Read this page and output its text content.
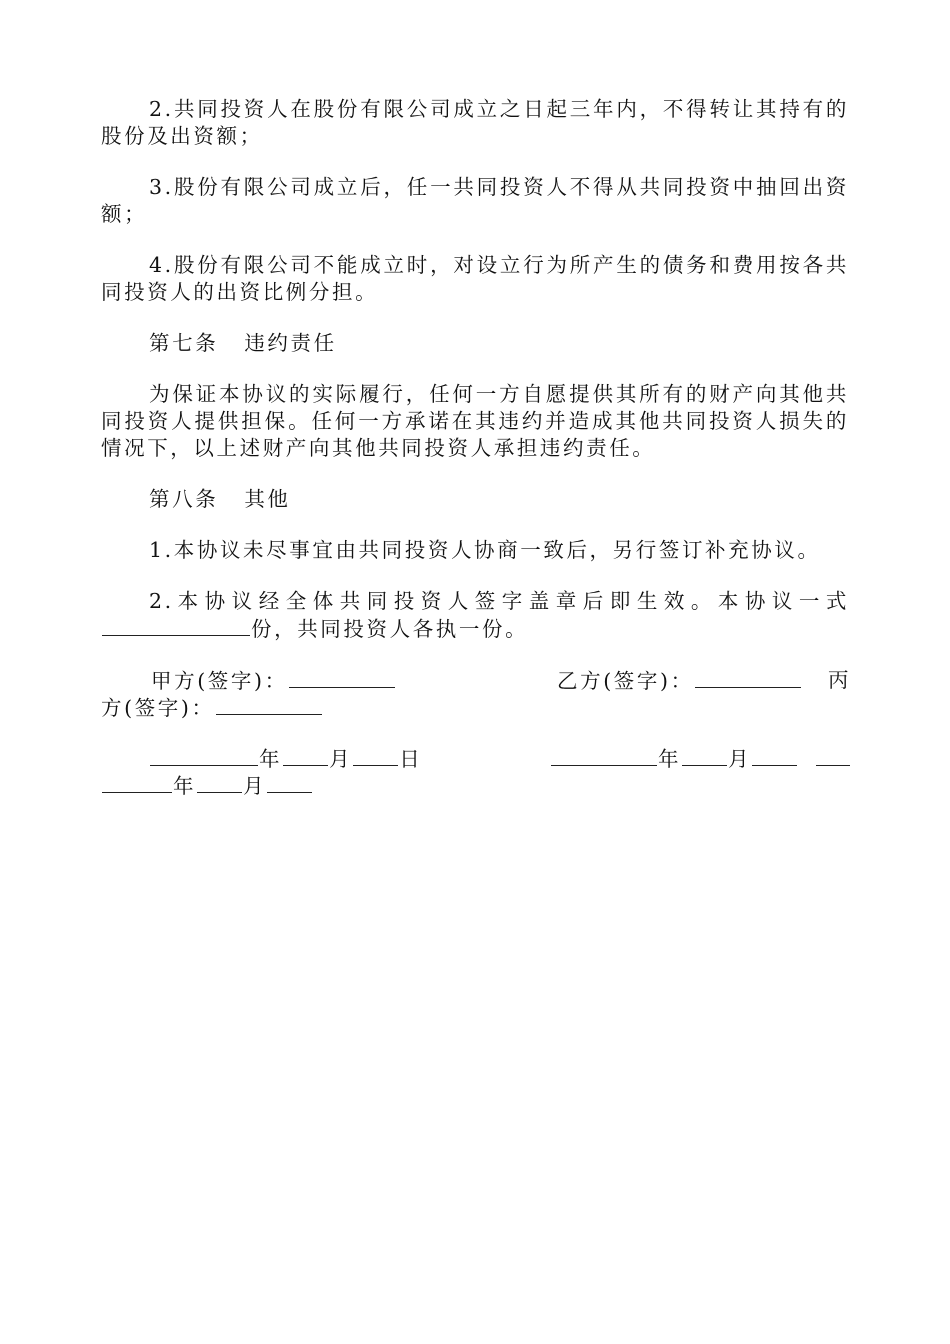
2.共同投资人在股份有限公司成立之日起三年内，不得转让其持有的股份及出资额；

3.股份有限公司成立后，任一共同投资人不得从共同投资中抽回出资额；

4.股份有限公司不能成立时，对设立行为所产生的债务和费用按各共同投资人的出资比例分担。

第七条 违约责任

为保证本协议的实际履行，任何一方自愿提供其所有的财产向其他共同投资人提供担保。任何一方承诺在其违约并造成其他共同投资人损失的情况下，以上述财产向其他共同投资人承担违约责任。

第八条 其他

1.本协议未尽事宜由共同投资人协商一致后，另行签订补充协议。

2.本协议经全体共同投资人签字盖章后即生效。本协议一式份，共同投资人各执一份。

甲方(签字)：	乙方(签字)：	丙
方(签字)：
年 月 日	年 月
年 月
